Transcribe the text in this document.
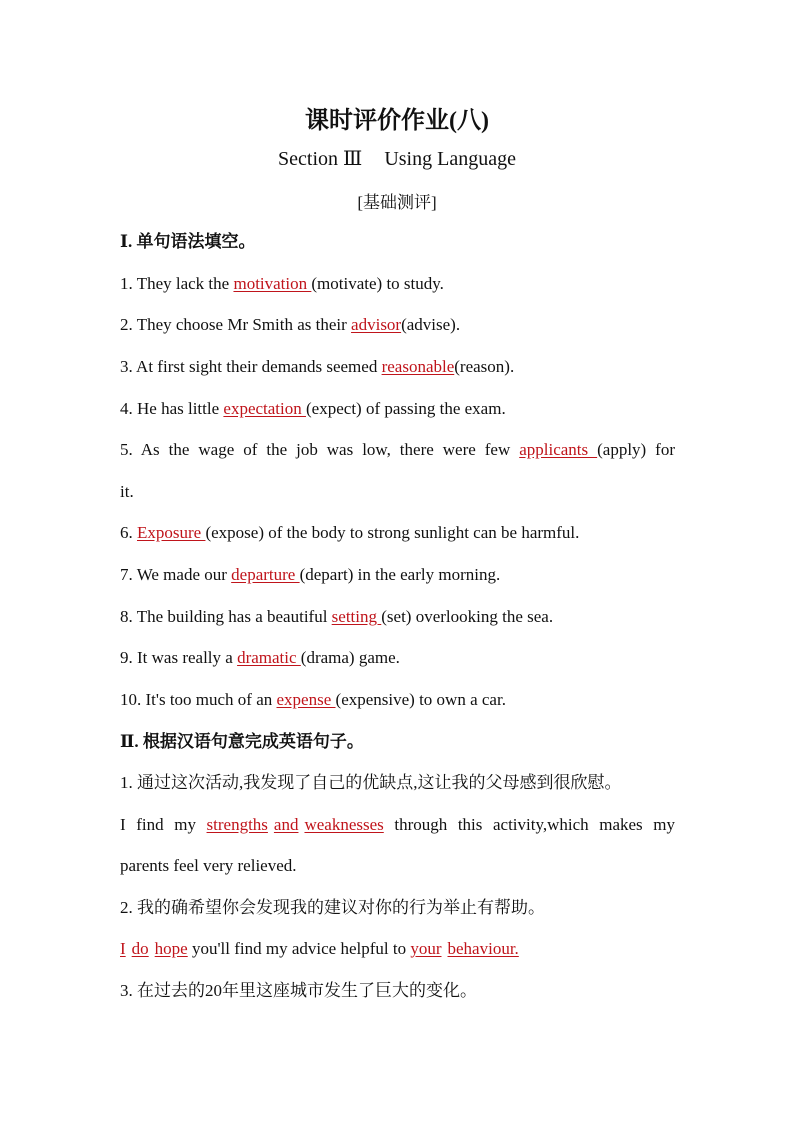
课时评价作业(八)
Section Ⅲ Using Language
[基础测评]
Ⅰ. 单句语法填空。
1. They lack the motivation (motivate) to study.
2. They choose Mr Smith as their advisor(advise).
3. At first sight their demands seemed reasonable(reason).
4. He has little expectation (expect) of passing the exam.
5. As the wage of the job was low, there were few applicants (apply) for
it.
6. Exposure (expose) of the body to strong sunlight can be harmful.
7. We made our departure (depart) in the early morning.
8. The building has a beautiful setting (set) overlooking the sea.
9. It was really a dramatic (drama) game.
10. It's too much of an expense (expensive) to own a car.
Ⅱ. 根据汉语句意完成英语句子。
1. 通过这次活动,我发现了自己的优缺点,这让我的父母感到很欣慰。
I find my strengths and weaknesses through this activity,which makes my
parents feel very relieved.
2. 我的确希望你会发现我的建议对你的行为举止有帮助。
I do hope you'll find my advice helpful to your behaviour.
3. 在过去的20年里这座城市发生了巨大的变化。
